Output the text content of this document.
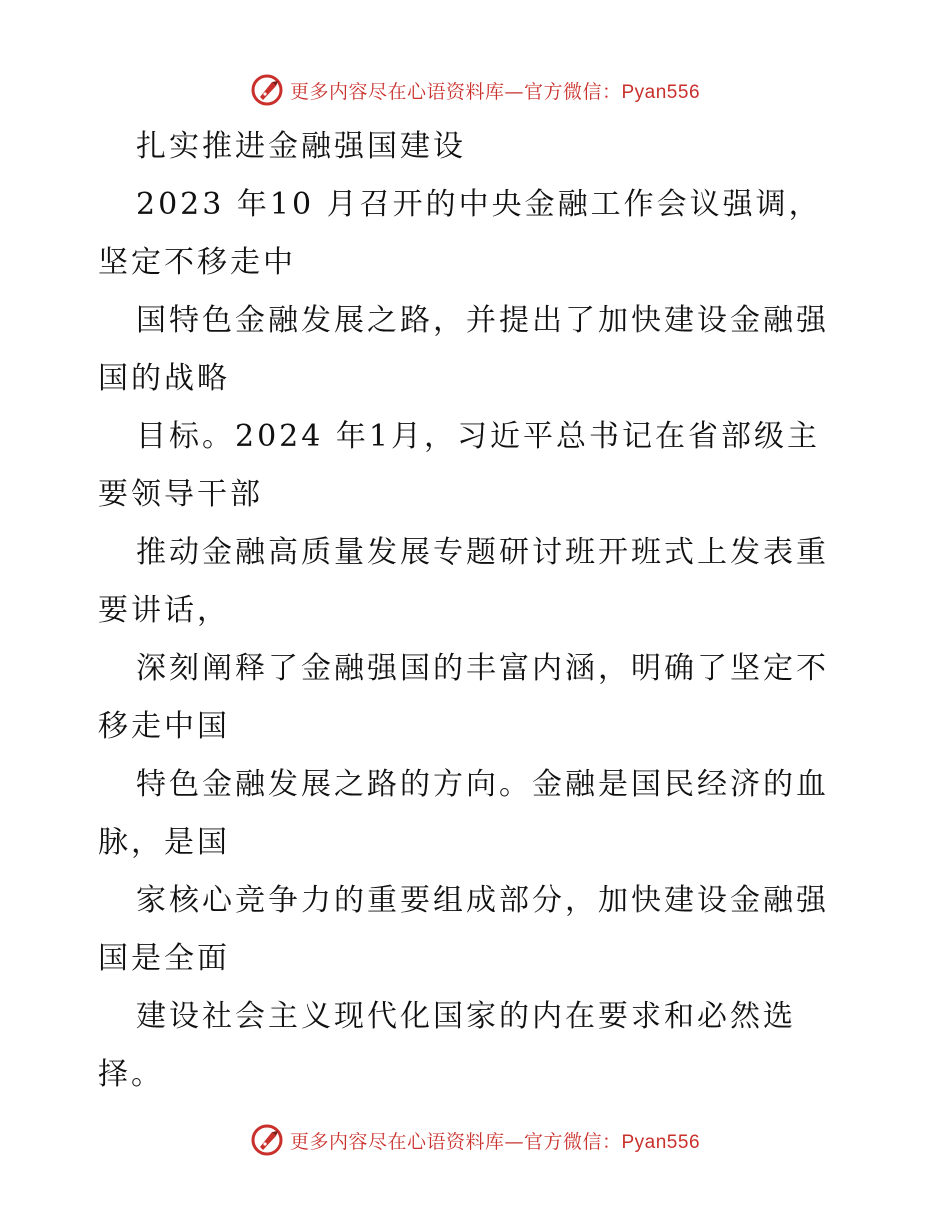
更多内容尽在心语资料库—官方微信：Pyan556
扎实推进金融强国建设
2023 年10 月召开的中央金融工作会议强调，
坚定不移走中
国特色金融发展之路，并提出了加快建设金融强
国的战略
目标。2024 年1月，习近平总书记在省部级主
要领导干部
推动金融高质量发展专题研讨班开班式上发表重
要讲话，
深刻阐释了金融强国的丰富内涵，明确了坚定不
移走中国
特色金融发展之路的方向。金融是国民经济的血
脉，是国
家核心竞争力的重要组成部分，加快建设金融强
国是全面
建设社会主义现代化国家的内在要求和必然选
择。
更多内容尽在心语资料库—官方微信：Pyan556
